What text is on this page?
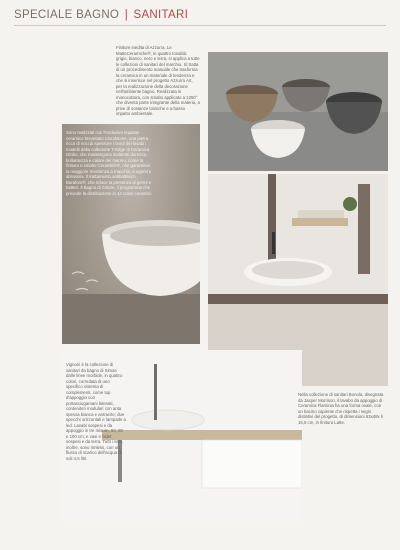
SPECIALE BAGNO | SANITARI
Finiture inedita di Azzurra, Le MatteCeramiche®, in quattro tonalità: grigio, bianco, nero e terra, si applica a tutte le collezioni di sanitari del marchio. Si tratta di un procedimento manuale che trasforma la ceramica in un materiale di tendenza e che si inserisce nel progetto Azzurra Art, per la realizzazione della decorazione nell'ambiente bagno. Realizzata in monocottura, con smalto applicato a 1250° che diventa parte integrante della materia, a prive di sostanze tossiche e a basso impatto ambientale.
Sono realizzati con l'esclusivo impasto ceramico brevettato Cloudstone, una pietra ricca di noci di spessore i bordi dei lavabi i modelli della collezione T-Edge di Ceramica Globo, che mantengono inalterati durezza, brillantezza e calore del marmo, come la finitura e smalto Ceramilife®, che garantisce la maggiore resistenza a macchie, a agenti e abrasioni. Il trattamento antibatterico Barafom®, che riduce la presenza di germi e batteri. Il Bagno di Colore, il programma che prevede la distribuzione in 14 colori ceramici.
Vignoni è la collezione di sanitari da bagno di Simas dalle linee morbide, in quattro colori, corredata di uno specifico sistema di complementi, come top d'appoggio con portasciugamani laterale, contenitori modulari con anta spessa bianca e antracite; due specchi orizzontali e lampade a led. Lavabi sospesi e da appoggio in tre misure, 60, 80 e 100 cm; e vasi e bidet sospesi e da terra. Tutti i vasi, inoltre, sono rimless, con un flusso di scarico dell'acqua di soli 4,5 litri.
Nella collezione di sanitari Bonola, disegnata da Jasper Morrison, il lavabo da appoggio di Ceramica Flaminia ha una forma ovale, con un bacino capiente che rispetta i segni distintivi del progetto, di dimensioni 63x48x h 16,5 cm, in finitura Latte.
